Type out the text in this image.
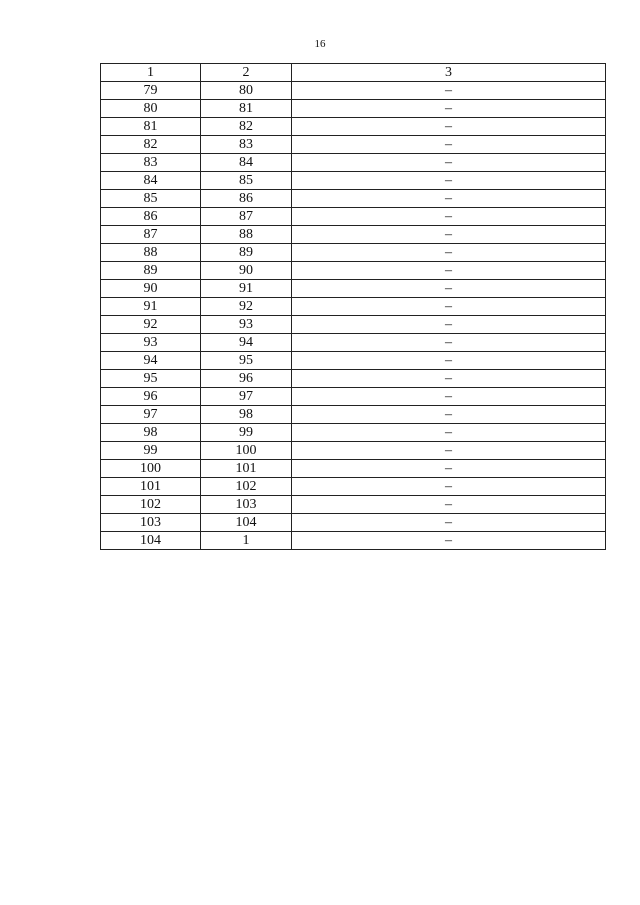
16
1	2	3
79	80	–
80	81	–
81	82	–
82	83	–
83	84	–
84	85	–
85	86	–
86	87	–
87	88	–
88	89	–
89	90	–
90	91	–
91	92	–
92	93	–
93	94	–
94	95	–
95	96	–
96	97	–
97	98	–
98	99	–
99	100	–
100	101	–
101	102	–
102	103	–
103	104	–
104	1	–
